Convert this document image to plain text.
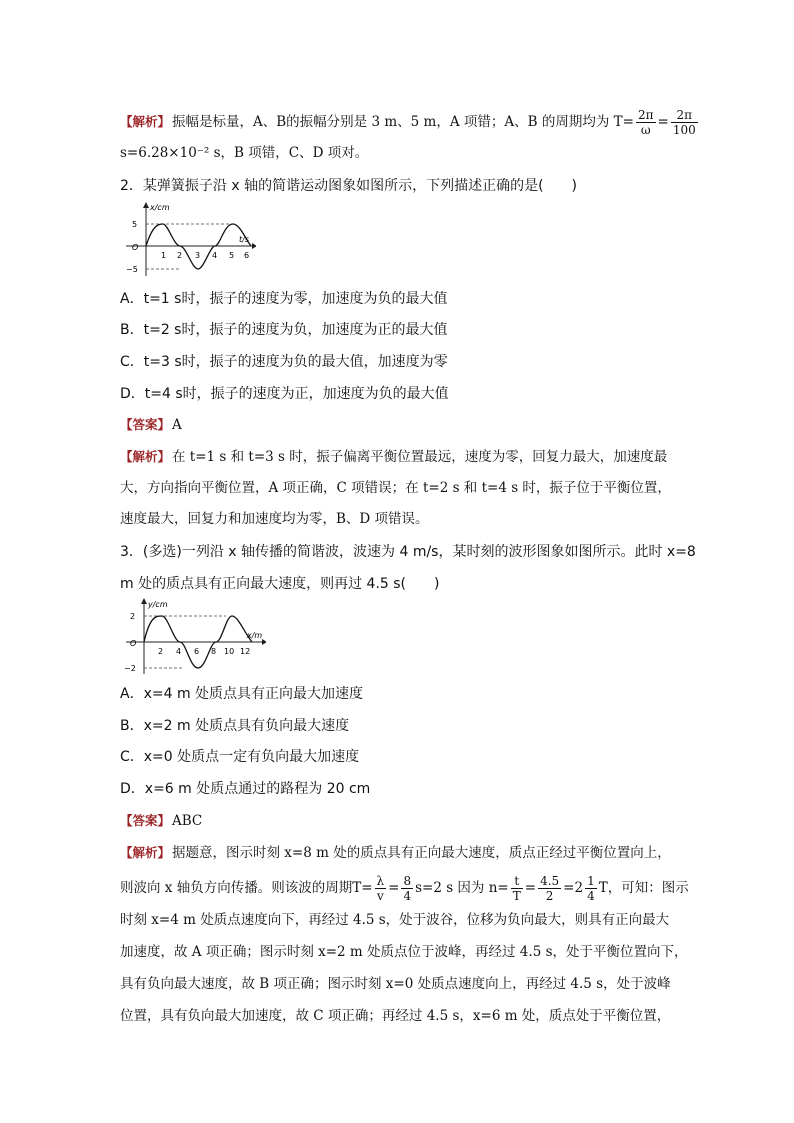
【解析】 振幅是标量，A、B的振幅分别是 3 m、5 m，A 项错；A、B 的周期均为 $T= \frac{2\pi}{\omega} = \frac{2\pi}{100}$
s=6.28×10⁻² s，B 项错，C、D 项对。
2．某弹簧振子沿 x 轴的简谐运动图象如图所示，下列描述正确的是(　　)
x/cm
5
O
−5
1 2 3 4 5 6
t/s
A．t=1 s时，振子的速度为零，加速度为负的最大值
B．t=2 s时，振子的速度为负，加速度为正的最大值
C．t=3 s时，振子的速度为负的最大值，加速度为零
D．t=4 s时，振子的速度为正，加速度为负的最大值
【答案】 A
【解析】 在 t=1 s 和 t=3 s 时，振子偏离平衡位置最远，速度为零，回复力最大，加速度最
大，方向指向平衡位置，A 项正确，C 项错误；在 t=2 s 和 t=4 s 时，振子位于平衡位置，
速度最大，回复力和加速度均为零，B、D 项错误。
3．(多选)一列沿 x 轴传播的简谐波，波速为 4 m/s，某时刻的波形图象如图所示。此时 x=8
m 处的质点具有正向最大速度，则再过 4.5 s(　　)
y/cm
2
O
−2
2 4 6 8 10 12
x/m
A．x=4 m 处质点具有正向最大加速度
B．x=2 m 处质点具有负向最大速度
C．x=0 处质点一定有负向最大加速度
D．x=6 m 处质点通过的路程为 20 cm
【答案】 ABC
【解析】 据题意，图示时刻 x=8 m 处的质点具有正向最大速度，质点正经过平衡位置向上，
则波向 x 轴负方向传播。则该波的周期$T= \frac{\lambda}{v} = \frac{8}{4} s=2$ s 因为 $n= \frac{t}{T} = \frac{4.5}{2} =2 \frac{1}{4}$ T，可知：图示
时刻 x=4 m 处质点速度向下，再经过 4.5 s，处于波谷，位移为负向最大，则具有正向最大
加速度，故 A 项正确；图示时刻 x=2 m 处质点位于波峰，再经过 4.5 s，处于平衡位置向下，
具有负向最大速度，故 B 项正确；图示时刻 x=0 处质点速度向上，再经过 4.5 s，处于波峰
位置，具有负向最大加速度，故 C 项正确；再经过 4.5 s，x=6 m 处，质点处于平衡位置，
